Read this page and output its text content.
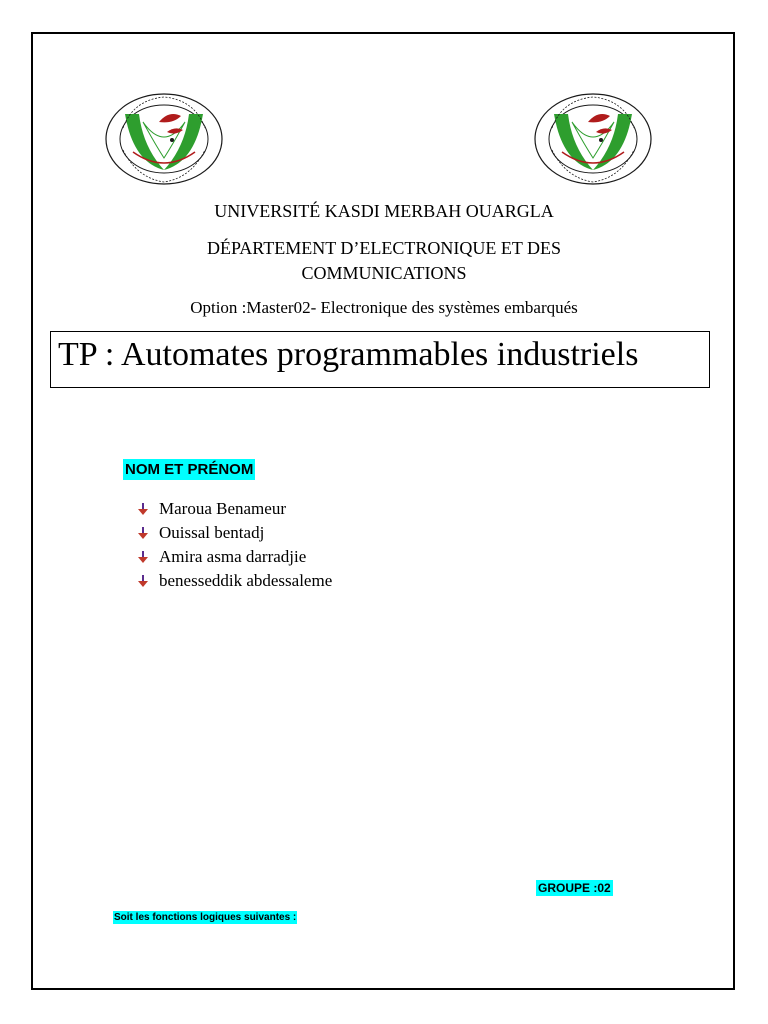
UNIVERSITÉ KASDI MERBAH OUARGLA
DÉPARTEMENT D’ELECTRONIQUE ET DES
COMMUNICATIONS
Option :Master02- Electronique des systèmes embarqués
TP : Automates programmables industriels
NOM ET PRÉNOM
Maroua Benameur
Ouissal bentadj
Amira asma darradjie
benesseddik abdessaleme
GROUPE :02
Soit les fonctions logiques suivantes :
